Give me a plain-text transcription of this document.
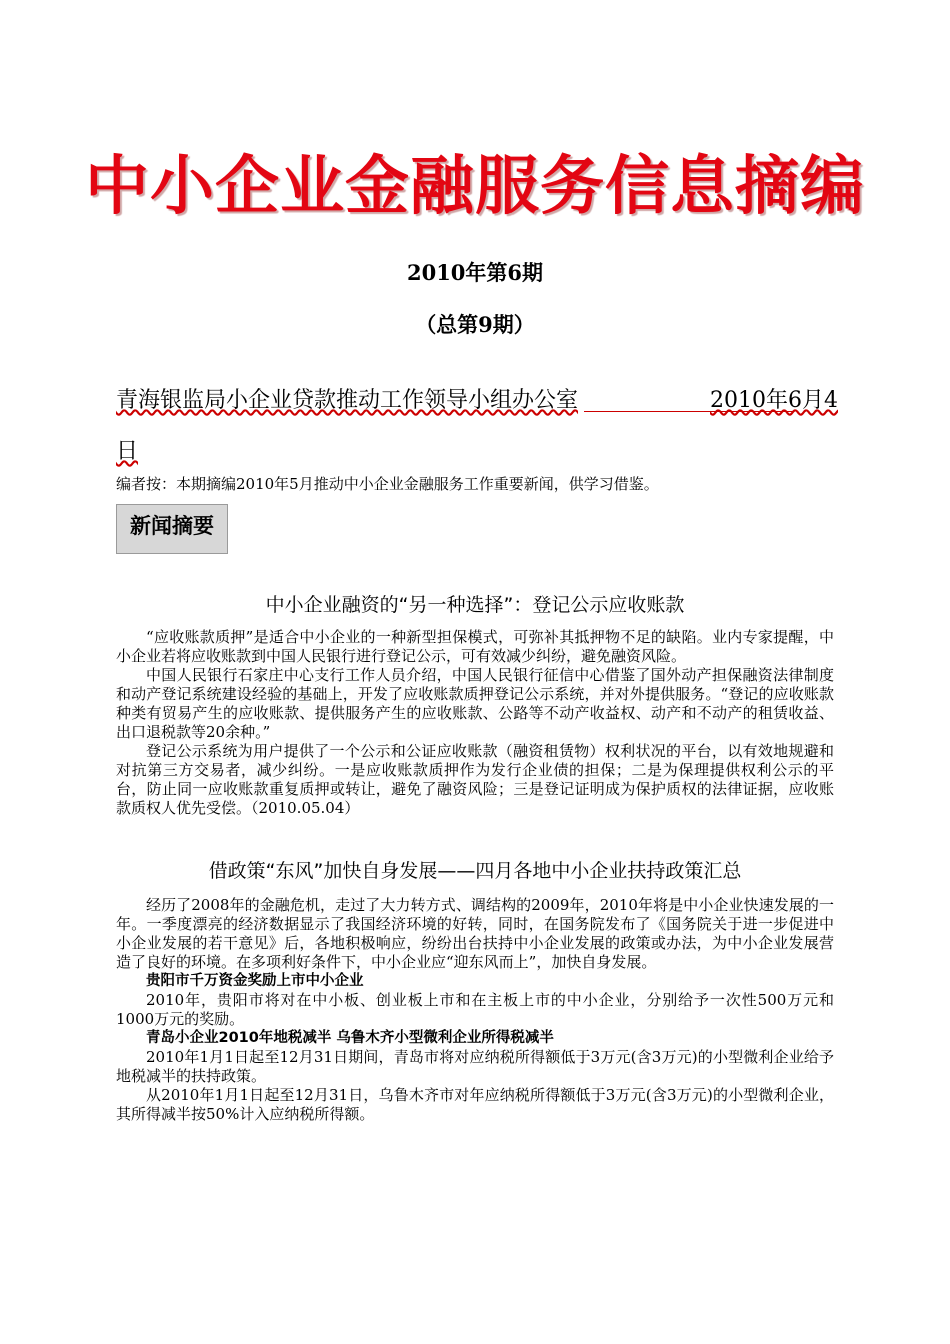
中小企业金融服务信息摘编
2010年第6期
（总第9期）
青海银监局小企业贷款推动工作领导小组办公室	2010年6月4
日
编者按：本期摘编2010年5月推动中小企业金融服务工作重要新闻，供学习借鉴。
新闻摘要
中小企业融资的“另一种选择”：登记公示应收账款

“应收账款质押”是适合中小企业的一种新型担保模式，可弥补其抵押物不足的缺陷。业内专家提醒，中小企业若将应收账款到中国人民银行进行登记公示，可有效减少纠纷，避免融资风险。

中国人民银行石家庄中心支行工作人员介绍，中国人民银行征信中心借鉴了国外动产担保融资法律制度和动产登记系统建设经验的基础上，开发了应收账款质押登记公示系统，并对外提供服务。“登记的应收账款种类有贸易产生的应收账款、提供服务产生的应收账款、公路等不动产收益权、动产和不动产的租赁收益、出口退税款等20余种。”

登记公示系统为用户提供了一个公示和公证应收账款（融资租赁物）权利状况的平台，以有效地规避和对抗第三方交易者，减少纠纷。一是应收账款质押作为发行企业债的担保；二是为保理提供权利公示的平台，防止同一应收账款重复质押或转让，避免了融资风险；三是登记证明成为保护质权的法律证据，应收账款质权人优先受偿。（2010.05.04）

借政策“东风”加快自身发展——四月各地中小企业扶持政策汇总

经历了2008年的金融危机，走过了大力转方式、调结构的2009年，2010年将是中小企业快速发展的一年。一季度漂亮的经济数据显示了我国经济环境的好转，同时，在国务院发布了《国务院关于进一步促进中小企业发展的若干意见》后，各地积极响应，纷纷出台扶持中小企业发展的政策或办法，为中小企业发展营造了良好的环境。在多项利好条件下，中小企业应“迎东风而上”，加快自身发展。

贵阳市千万资金奖励上市中小企业

2010年，贵阳市将对在中小板、创业板上市和在主板上市的中小企业，分别给予一次性500万元和1000万元的奖励。

青岛小企业2010年地税减半 乌鲁木齐小型微利企业所得税减半

2010年1月1日起至12月31日期间，青岛市将对应纳税所得额低于3万元(含3万元)的小型微利企业给予地税减半的扶持政策。

从2010年1月1日起至12月31日，乌鲁木齐市对年应纳税所得额低于3万元(含3万元)的小型微利企业，其所得减半按50%计入应纳税所得额。
